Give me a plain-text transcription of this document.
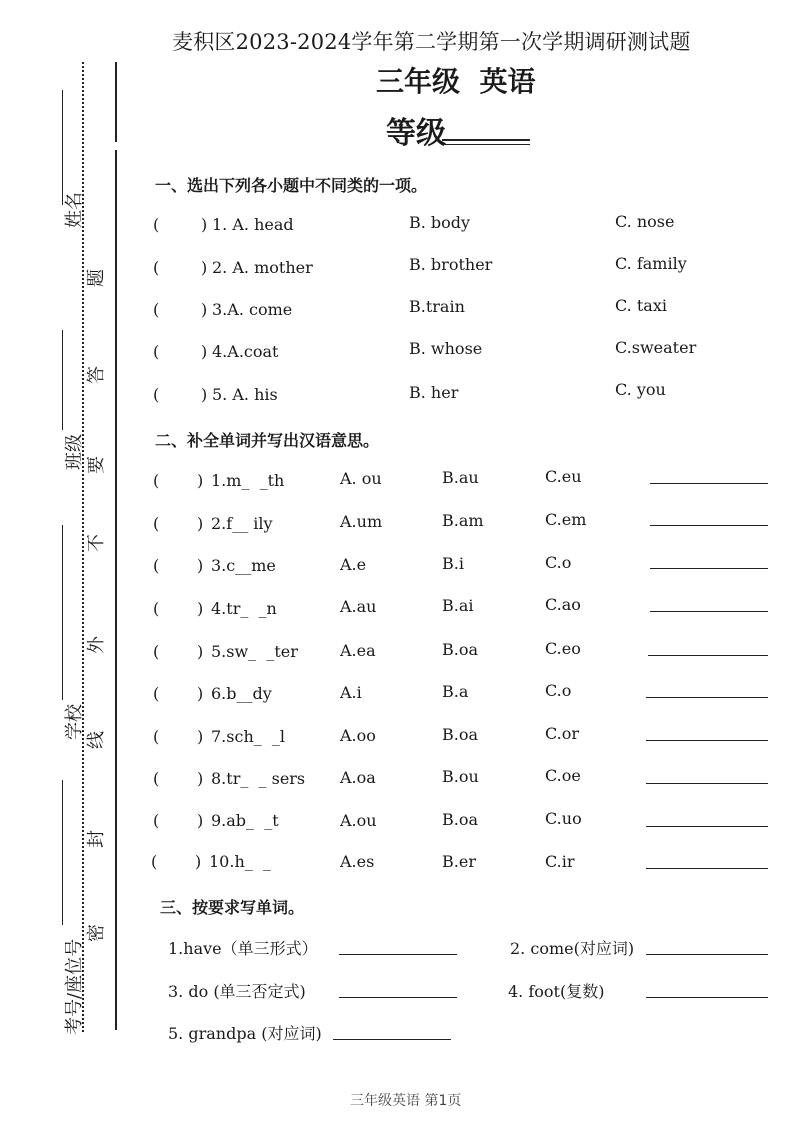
麦积区2023-2024学年第二学期第一次学期调研测试题
三年级  英语
等级
姓名
班级
学校
考号/座位号
题
答
要
不
外
线
封
密
一、选出下列各小题中不同类的一项。
(	) 1. A. head	B. body	C. nose
(	) 2. A. mother	B. brother	C. family
(	) 3.A. come	B.train	C. taxi
(	) 4.A.coat	B. whose	C.sweater
(	) 5. A. his	B. her	C. you
二、补全单词并写出汉语意思。
( ) 1.m_  _th	A. ou	B.au	C.eu
( ) 2.f__ ily	A.um	B.am	C.em
( ) 3.c__me	A.e	B.i	C.o
( ) 4.tr_  _n	A.au	B.ai	C.ao
( ) 5.sw_  _ter	A.ea	B.oa	C.eo
( ) 6.b__dy	A.i	B.a	C.o
( ) 7.sch_  _l	A.oo	B.oa	C.or
( ) 8.tr_  _ sers A.oa	B.ou	C.oe
( ) 9.ab_  _t	A.ou	B.oa	C.uo
( ) 10.h_  _	A.es	B.er	C.ir
三、按要求写单词。
1.have（单三形式）	2. come(对应词)
3. do (单三否定式)	4. foot(复数)
5. grandpa (对应词)
三年级英语 第1页
